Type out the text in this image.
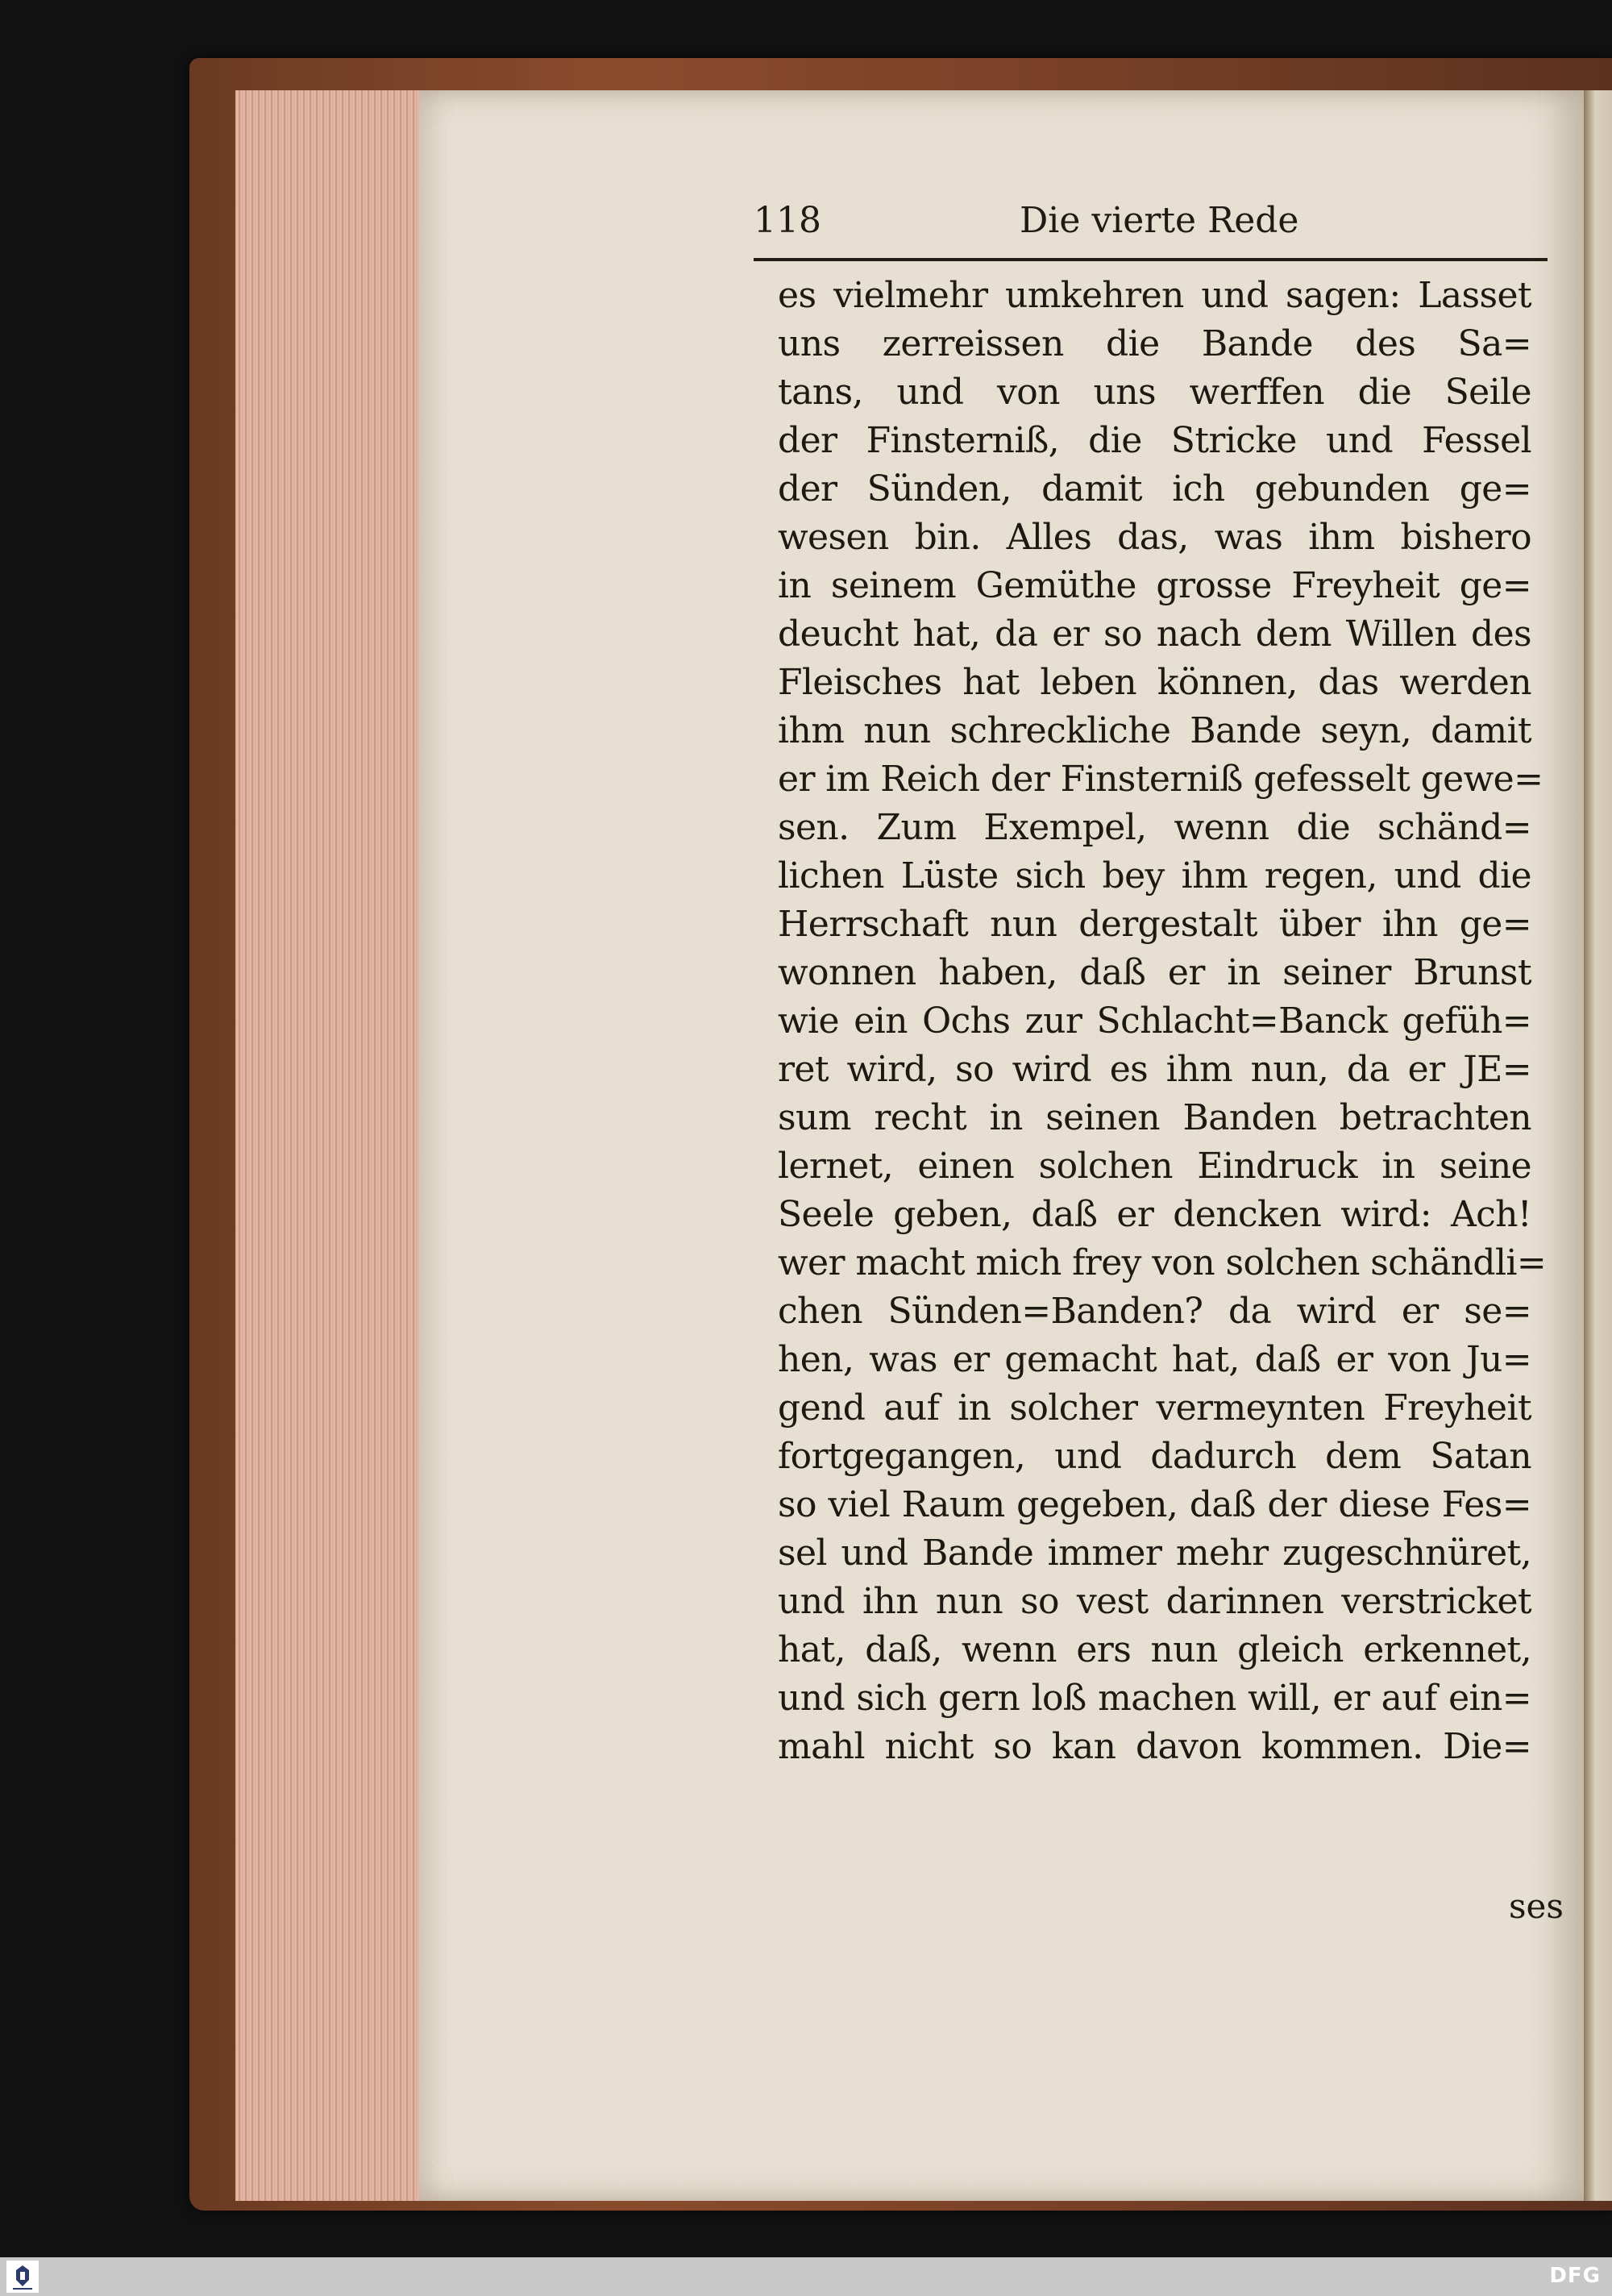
118	Die vierte Rede
es vielmehr umkehren und sagen: Lasset
uns zerreissen die Bande des Sa=
tans, und von uns werffen die Seile
der Finsterniß, die Stricke und Fessel
der Sünden, damit ich gebunden ge=
wesen bin. Alles das, was ihm bishero
in seinem Gemüthe grosse Freyheit ge=
deucht hat, da er so nach dem Willen des
Fleisches hat leben können, das werden
ihm nun schreckliche Bande seyn, damit
er im Reich der Finsterniß gefesselt gewe=
sen. Zum Exempel, wenn die schänd=
lichen Lüste sich bey ihm regen, und die
Herrschaft nun dergestalt über ihn ge=
wonnen haben, daß er in seiner Brunst
wie ein Ochs zur Schlacht=Banck gefüh=
ret wird, so wird es ihm nun, da er JE=
sum recht in seinen Banden betrachten
lernet, einen solchen Eindruck in seine
Seele geben, daß er dencken wird: Ach!
wer macht mich frey von solchen schändli=
chen Sünden=Banden? da wird er se=
hen, was er gemacht hat, daß er von Ju=
gend auf in solcher vermeynten Freyheit
fortgegangen, und dadurch dem Satan
so viel Raum gegeben, daß der diese Fes=
sel und Bande immer mehr zugeschnüret,
und ihn nun so vest darinnen verstricket
hat, daß, wenn ers nun gleich erkennet,
und sich gern loß machen will, er auf ein=
mahl nicht so kan davon kommen. Die=
ses
DFG
